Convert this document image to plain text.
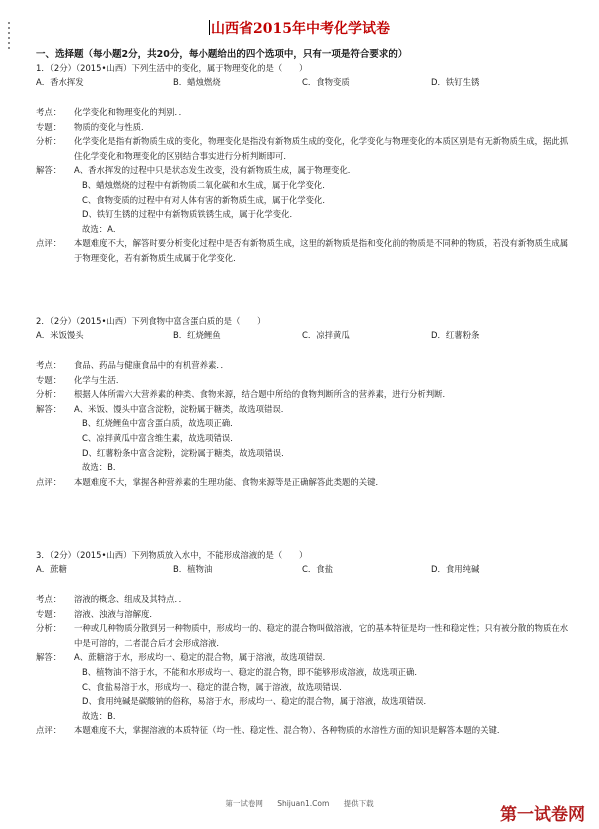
山西省2015年中考化学试卷
一、选择题（每小题2分，共20分，每小题给出的四个选项中，只有一项是符合要求的）
1．（2分）（2015•山西）下列生活中的变化，属于物理变化的是（　　）
A．香水挥发	B．蜡烛燃烧	C．食物变质	D．铁钉生锈
考点：	化学变化和物理变化的判别．．
专题：	物质的变化与性质．
分析：	化学变化是指有新物质生成的变化，物理变化是指没有新物质生成的变化，化学变化与物理变化的本质区别是有无新物质生成，据此抓住化学变化和物理变化的区别结合事实进行分析判断即可．
解答：	A、香水挥发的过程中只是状态发生改变，没有新物质生成，属于物理变化．
B、蜡烛燃烧的过程中有新物质二氧化碳和水生成，属于化学变化．
C、食物变质的过程中有对人体有害的新物质生成，属于化学变化．
D、铁钉生锈的过程中有新物质铁锈生成，属于化学变化．
故选：A．
点评：	本题难度不大，解答时要分析变化过程中是否有新物质生成，这里的新物质是指和变化前的物质是不同种的物质，若没有新物质生成属于物理变化，若有新物质生成属于化学变化．
2．（2分）（2015•山西）下列食物中富含蛋白质的是（　　）
A．米饭馒头	B．红烧鲤鱼	C．凉拌黄瓜	D．红薯粉条
考点：	食品、药品与健康食品中的有机营养素．．
专题：	化学与生活．
分析：	根据人体所需六大营养素的种类、食物来源，结合题中所给的食物判断所含的营养素，进行分析判断．
解答：	A、米饭、馒头中富含淀粉，淀粉属于糖类，故选项错误．
B、红烧鲤鱼中富含蛋白质，故选项正确．
C、凉拌黄瓜中富含维生素，故选项错误．
D、红薯粉条中富含淀粉，淀粉属于糖类，故选项错误．
故选：B．
点评：	本题难度不大，掌握各种营养素的生理功能、食物来源等是正确解答此类题的关键．
3．（2分）（2015•山西）下列物质放入水中，不能形成溶液的是（　　）
A．蔗糖	B．植物油	C．食盐	D．食用纯碱
考点：	溶液的概念、组成及其特点．．
专题：	溶液、浊液与溶解度．
分析：	一种或几种物质分散到另一种物质中，形成均一的、稳定的混合物叫做溶液，它的基本特征是均一性和稳定性；只有被分散的物质在水中是可溶的，二者混合后才会形成溶液．
解答：	A、蔗糖溶于水，形成均一、稳定的混合物，属于溶液，故选项错误．
B、植物油不溶于水，不能和水形成均一、稳定的混合物，即不能够形成溶液，故选项正确．
C、食盐易溶于水，形成均一、稳定的混合物，属于溶液，故选项错误．
D、食用纯碱是碳酸钠的俗称，易溶于水，形成均一、稳定的混合物，属于溶液，故选项错误．
故选：B．
点评：	本题难度不大，掌握溶液的本质特征（均一性、稳定性、混合物）、各种物质的水溶性方面的知识是解答本题的关键．
第一试卷网 Shijuan1.Com 提供下载
第一试卷网
